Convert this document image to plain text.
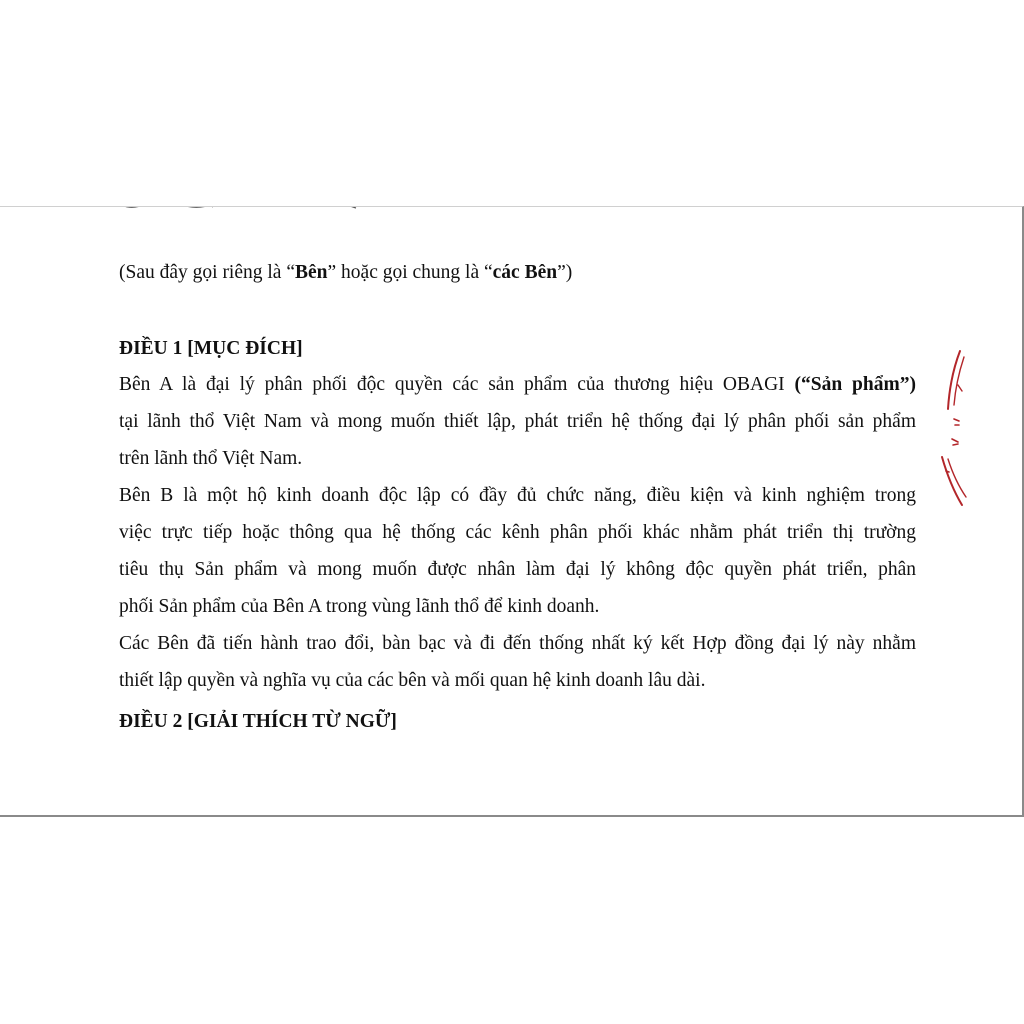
(Sau đây gọi riêng là “Bên” hoặc gọi chung là “các Bên”)
ĐIỀU 1 [MỤC ĐÍCH]
Bên A là đại lý phân phối độc quyền các sản phẩm của thương hiệu OBAGI (“Sản phẩm”)
tại lãnh thổ Việt Nam và mong muốn thiết lập, phát triển hệ thống đại lý phân phối sản phẩm
trên lãnh thổ Việt Nam.
Bên B là một hộ kinh doanh độc lập có đầy đủ chức năng, điều kiện và kinh nghiệm trong
việc trực tiếp hoặc thông qua hệ thống các kênh phân phối khác nhằm phát triển thị trường
tiêu thụ Sản phẩm và mong muốn được nhân làm đại lý không độc quyền phát triển, phân
phối Sản phẩm của Bên A trong vùng lãnh thổ để kinh doanh.
Các Bên đã tiến hành trao đổi, bàn bạc và đi đến thống nhất ký kết Hợp đồng đại lý này nhằm
thiết lập quyền và nghĩa vụ của các bên và mối quan hệ kinh doanh lâu dài.
ĐIỀU 2 [GIẢI THÍCH TỪ NGỮ]
